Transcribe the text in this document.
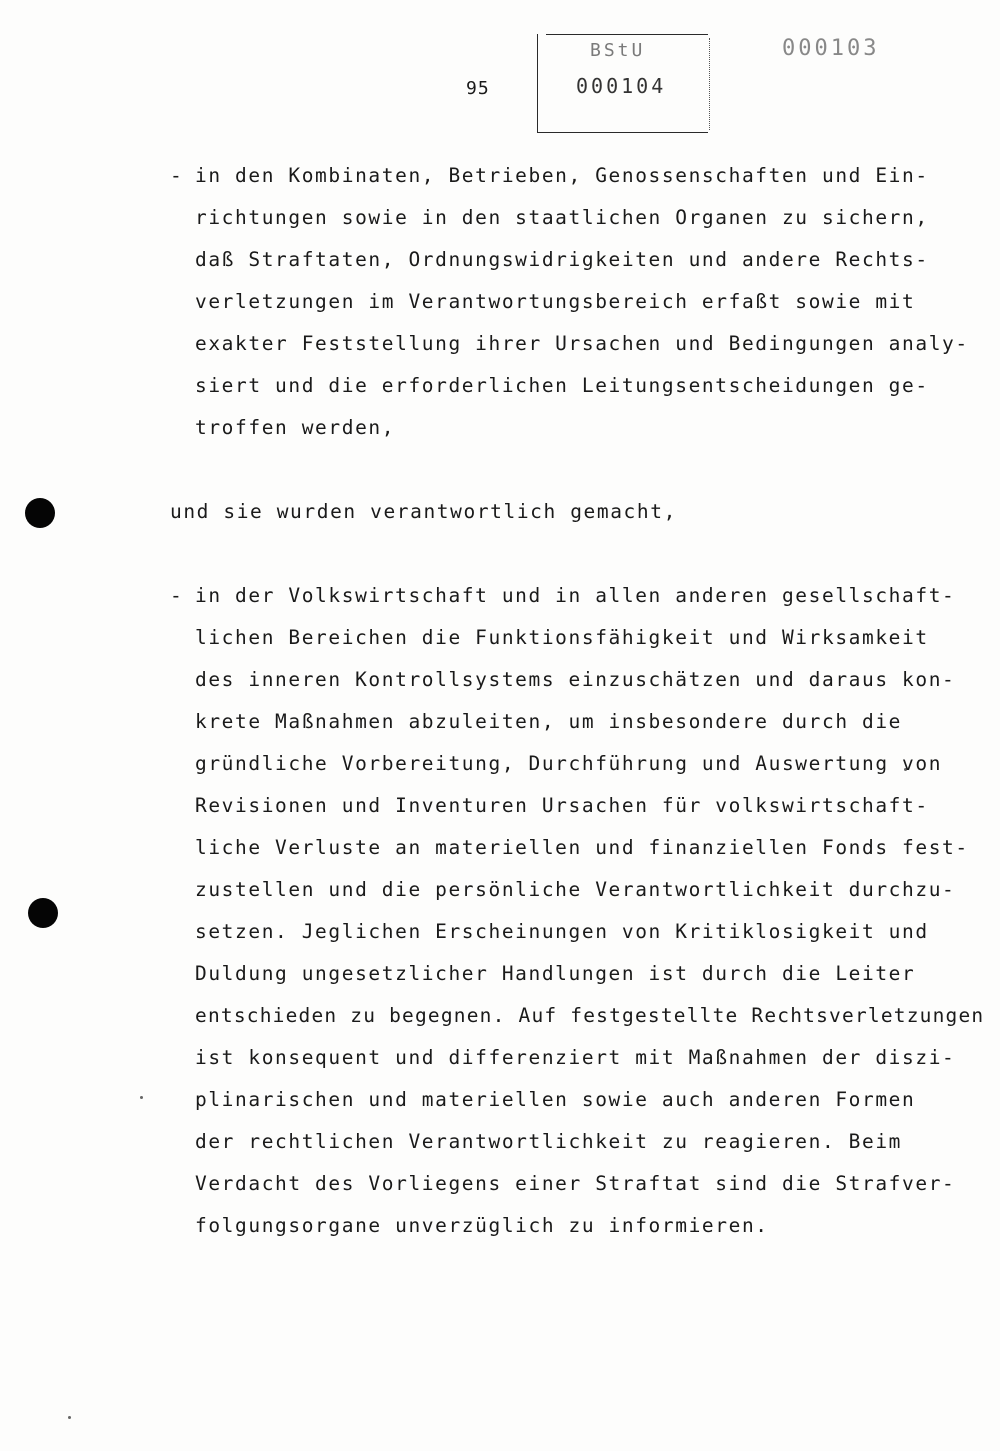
95
BStU
000104
000103
- in den Kombinaten, Betrieben, Genossenschaften und Ein-
richtungen sowie in den staatlichen Organen zu sichern,
daß Straftaten, Ordnungswidrigkeiten und andere Rechts-
verletzungen im Verantwortungsbereich erfaßt sowie mit
exakter Feststellung ihrer Ursachen und Bedingungen analy-
siert und die erforderlichen Leitungsentscheidungen ge-
troffen werden,
und sie wurden verantwortlich gemacht,
- in der Volkswirtschaft und in allen anderen gesellschaft-
lichen Bereichen die Funktionsfähigkeit und Wirksamkeit
des inneren Kontrollsystems einzuschätzen und daraus kon-
krete Maßnahmen abzuleiten, um insbesondere durch die
gründliche Vorbereitung, Durchführung und Auswertung von
Revisionen und Inventuren Ursachen für volkswirtschaft-
liche Verluste an materiellen und finanziellen Fonds fest-
zustellen und die persönliche Verantwortlichkeit durchzu-
setzen. Jeglichen Erscheinungen von Kritiklosigkeit und
Duldung ungesetzlicher Handlungen ist durch die Leiter
entschieden zu begegnen. Auf festgestellte Rechtsverletzungen
ist konsequent und differenziert mit Maßnahmen der diszi-
plinarischen und materiellen sowie auch anderen Formen
der rechtlichen Verantwortlichkeit zu reagieren. Beim
Verdacht des Vorliegens einer Straftat sind die Strafver-
folgungsorgane unverzüglich zu informieren.
